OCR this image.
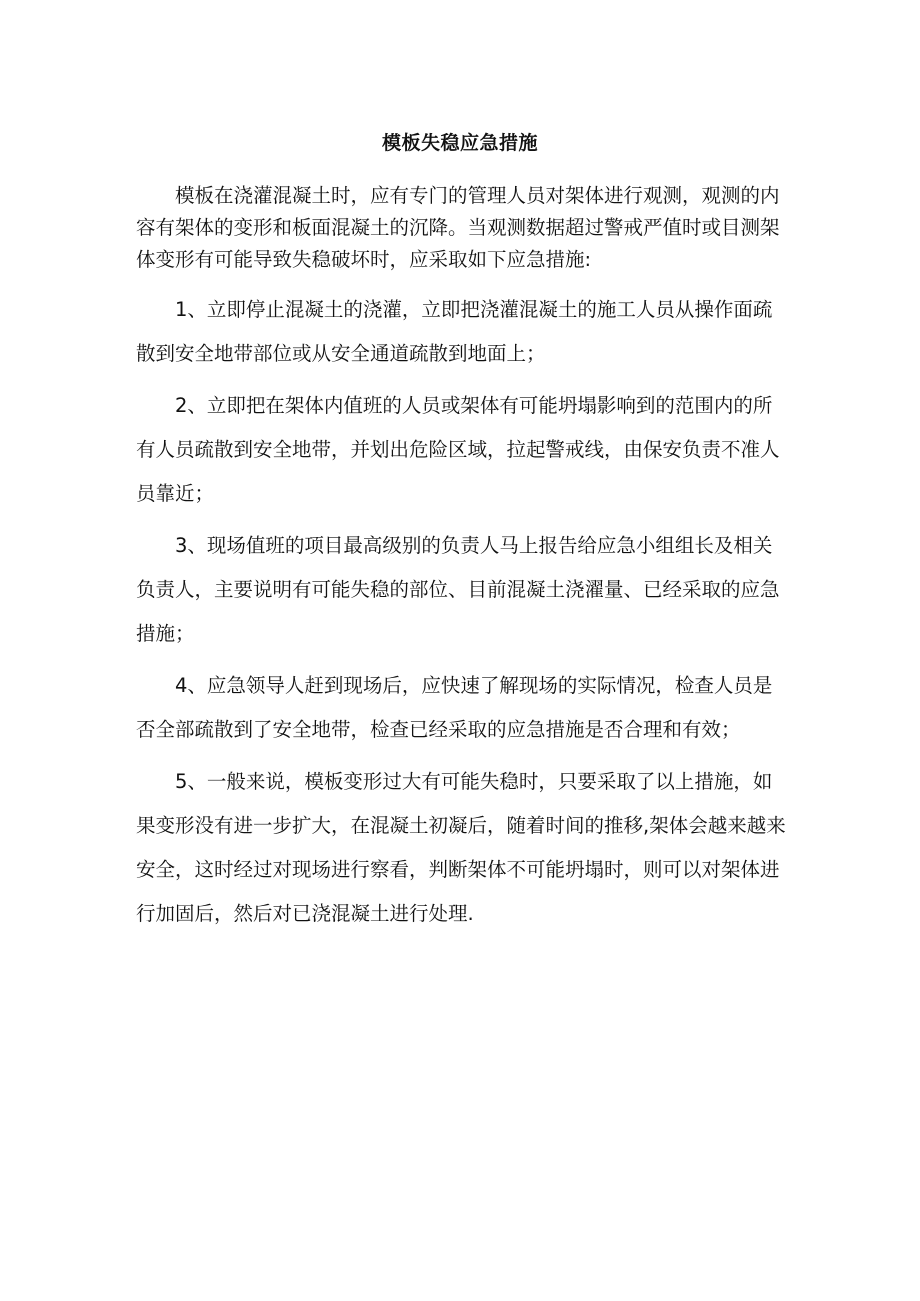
模板失稳应急措施

模板在浇灌混凝土时，应有专门的管理人员对架体进行观测，观测的内容有架体的变形和板面混凝土的沉降。当观测数据超过警戒严值时或目测架体变形有可能导致失稳破坏时，应采取如下应急措施:

1、立即停止混凝土的浇灌，立即把浇灌混凝土的施工人员从操作面疏散到安全地带部位或从安全通道疏散到地面上；

2、立即把在架体内值班的人员或架体有可能坍塌影响到的范围内的所有人员疏散到安全地带，并划出危险区域，拉起警戒线，由保安负责不准人员靠近；

3、现场值班的项目最高级别的负责人马上报告给应急小组组长及相关负责人，主要说明有可能失稳的部位、目前混凝土浇濯量、已经采取的应急措施；

4、应急领导人赶到现场后，应快速了解现场的实际情况，检查人员是否全部疏散到了安全地带，检查已经采取的应急措施是否合理和有效；

5、一般来说，模板变形过大有可能失稳时，只要采取了以上措施，如果变形没有进一步扩大，在混凝土初凝后，随着时间的推移,架体会越来越来安全，这时经过对现场进行察看，判断架体不可能坍塌时，则可以对架体进行加固后，然后对已浇混凝土进行处理.
